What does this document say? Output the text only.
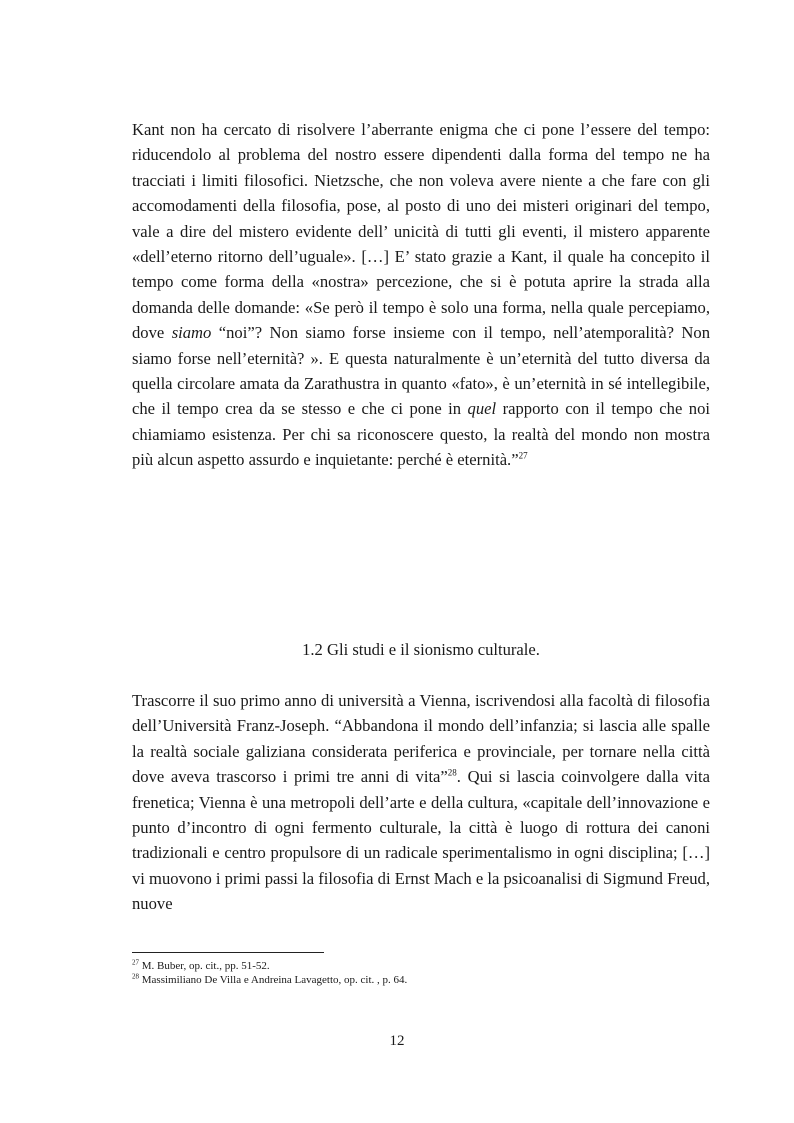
Kant non ha cercato di risolvere l’aberrante enigma che ci pone l’essere del tempo: riducendolo al problema del nostro essere dipendenti dalla forma del tempo ne ha tracciati i limiti filosofici. Nietzsche, che non voleva avere niente a che fare con gli accomodamenti della filosofia, pose, al posto di uno dei misteri originari del tempo, vale a dire del mistero evidente dell’ unicità di tutti gli eventi, il mistero apparente «dell’eterno ritorno dell’uguale». […] E’ stato grazie a Kant, il quale ha concepito il tempo come forma della «nostra» percezione, che si è potuta aprire la strada alla domanda delle domande: «Se però il tempo è solo una forma, nella quale percepiamo, dove siamo “noi”? Non siamo forse insieme con il tempo, nell’atemporalità? Non siamo forse nell’eternità? ». E questa naturalmente è un’eternità del tutto diversa da quella circolare amata da Zarathustra in quanto «fato», è un’eternità in sé intellegibile, che il tempo crea da se stesso e che ci pone in quel rapporto con il tempo che noi chiamiamo esistenza. Per chi sa riconoscere questo, la realtà del mondo non mostra più alcun aspetto assurdo e inquietante: perché è eternità.”$^{27}$

1.2 Gli studi e il sionismo culturale.

Trascorre il suo primo anno di università a Vienna, iscrivendosi alla facoltà di filosofia dell’Università Franz-Joseph. “Abbandona il mondo dell’infanzia; si lascia alle spalle la realtà sociale galiziana considerata periferica e provinciale, per tornare nella città dove aveva trascorso i primi tre anni di vita”$^{28}$. Qui si lascia coinvolgere dalla vita frenetica; Vienna è una metropoli dell’arte e della cultura, «capitale dell’innovazione e punto d’incontro di ogni fermento culturale, la città è luogo di rottura dei canoni tradizionali e centro propulsore di un radicale sperimentalismo in ogni disciplina; […] vi muovono i primi passi la filosofia di Ernst Mach e la psicoanalisi di Sigmund Freud, nuove

$^{27}$ M. Buber, op. cit., pp. 51-52.

$^{28}$ Massimiliano De Villa e Andreina Lavagetto, op. cit. , p. 64.

12
